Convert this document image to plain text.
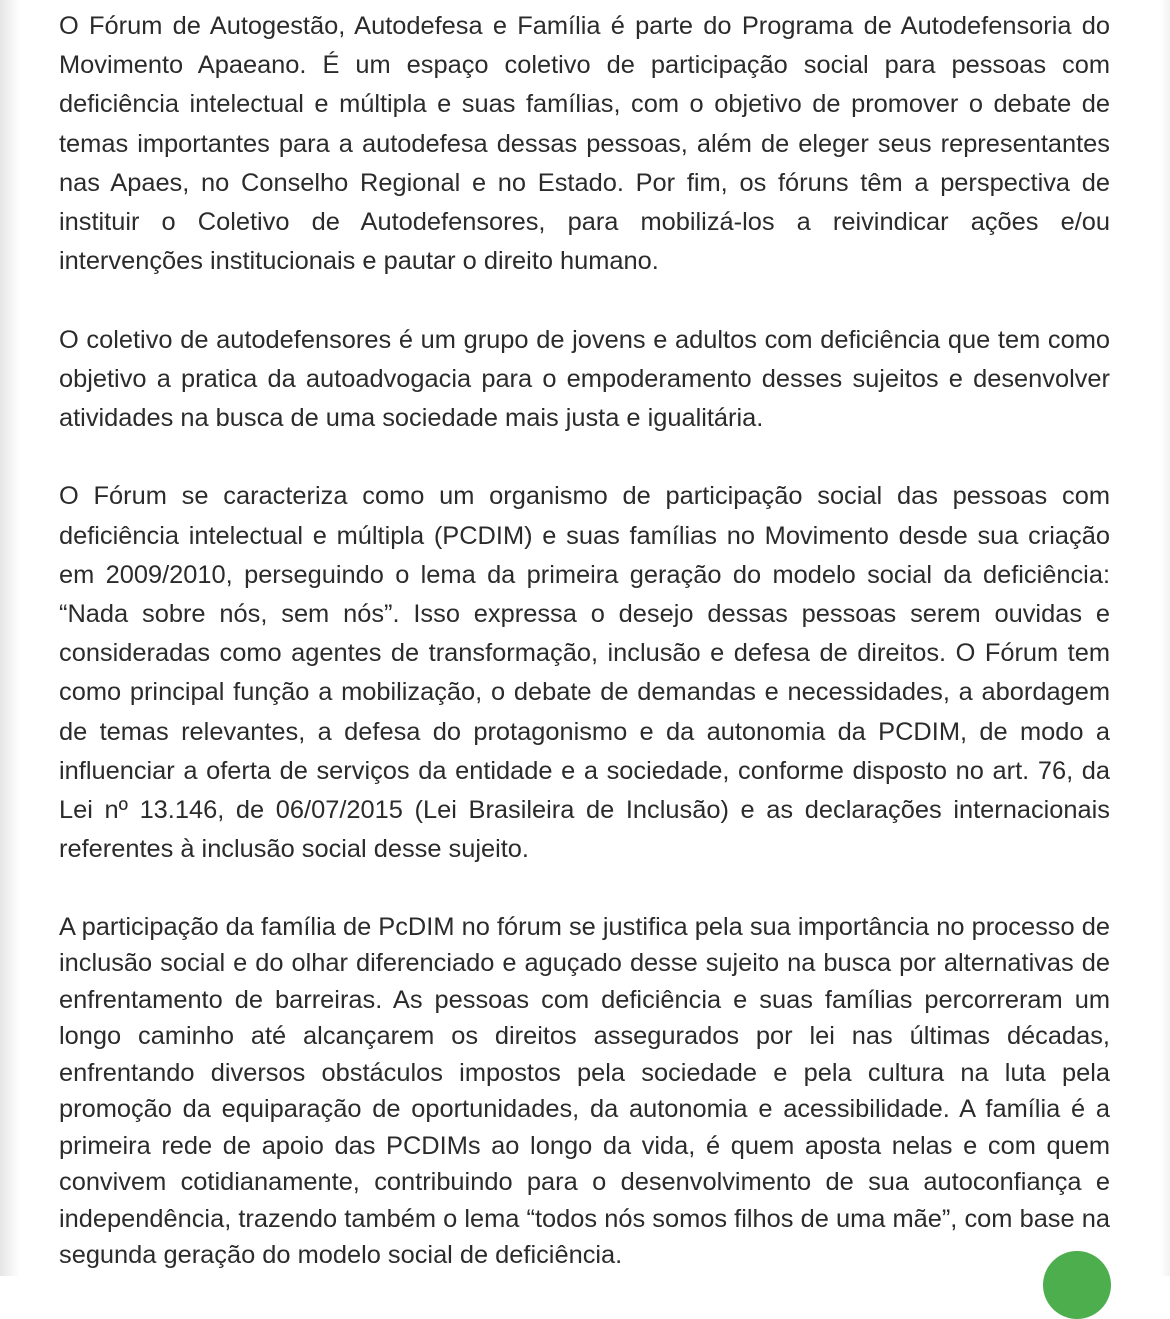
O Fórum de Autogestão, Autodefesa e Família é parte do Programa de Autodefensoria do Movimento Apaeano. É um espaço coletivo de participação social para pessoas com deficiência intelectual e múltipla e suas famílias, com o objetivo de promover o debate de temas importantes para a autodefesa dessas pessoas, além de eleger seus representantes nas Apaes, no Conselho Regional e no Estado. Por fim, os fóruns têm a perspectiva de instituir o Coletivo de Autodefensores, para mobilizá-los a reivindicar ações e/ou intervenções institucionais e pautar o direito humano.

O coletivo de autodefensores é um grupo de jovens e adultos com deficiência que tem como objetivo a pratica da autoadvogacia para o empoderamento desses sujeitos e desenvolver atividades na busca de uma sociedade mais justa e igualitária.

O Fórum se caracteriza como um organismo de participação social das pessoas com deficiência intelectual e múltipla (PCDIM) e suas famílias no Movimento desde sua criação em 2009/2010, perseguindo o lema da primeira geração do modelo social da deficiência: “Nada sobre nós, sem nós”. Isso expressa o desejo dessas pessoas serem ouvidas e consideradas como agentes de transformação, inclusão e defesa de direitos. O Fórum tem como principal função a mobilização, o debate de demandas e necessidades, a abordagem de temas relevantes, a defesa do protagonismo e da autonomia da PCDIM, de modo a influenciar a oferta de serviços da entidade e a sociedade, conforme disposto no art. 76, da Lei nº 13.146, de 06/07/2015 (Lei Brasileira de Inclusão) e as declarações internacionais referentes à inclusão social desse sujeito.

A participação da família de PcDIM no fórum se justifica pela sua importância no processo de inclusão social e do olhar diferenciado e aguçado desse sujeito na busca por alternativas de enfrentamento de barreiras. As pessoas com deficiência e suas famílias percorreram um longo caminho até alcançarem os direitos assegurados por lei nas últimas décadas, enfrentando diversos obstáculos impostos pela sociedade e pela cultura na luta pela promoção da equiparação de oportunidades, da autonomia e acessibilidade. A família é a primeira rede de apoio das PCDIMs ao longo da vida, é quem aposta nelas e com quem convivem cotidianamente, contribuindo para o desenvolvimento de sua autoconfiança e independência, trazendo também o lema “todos nós somos filhos de uma mãe”, com base na segunda geração do modelo social de deficiência.
